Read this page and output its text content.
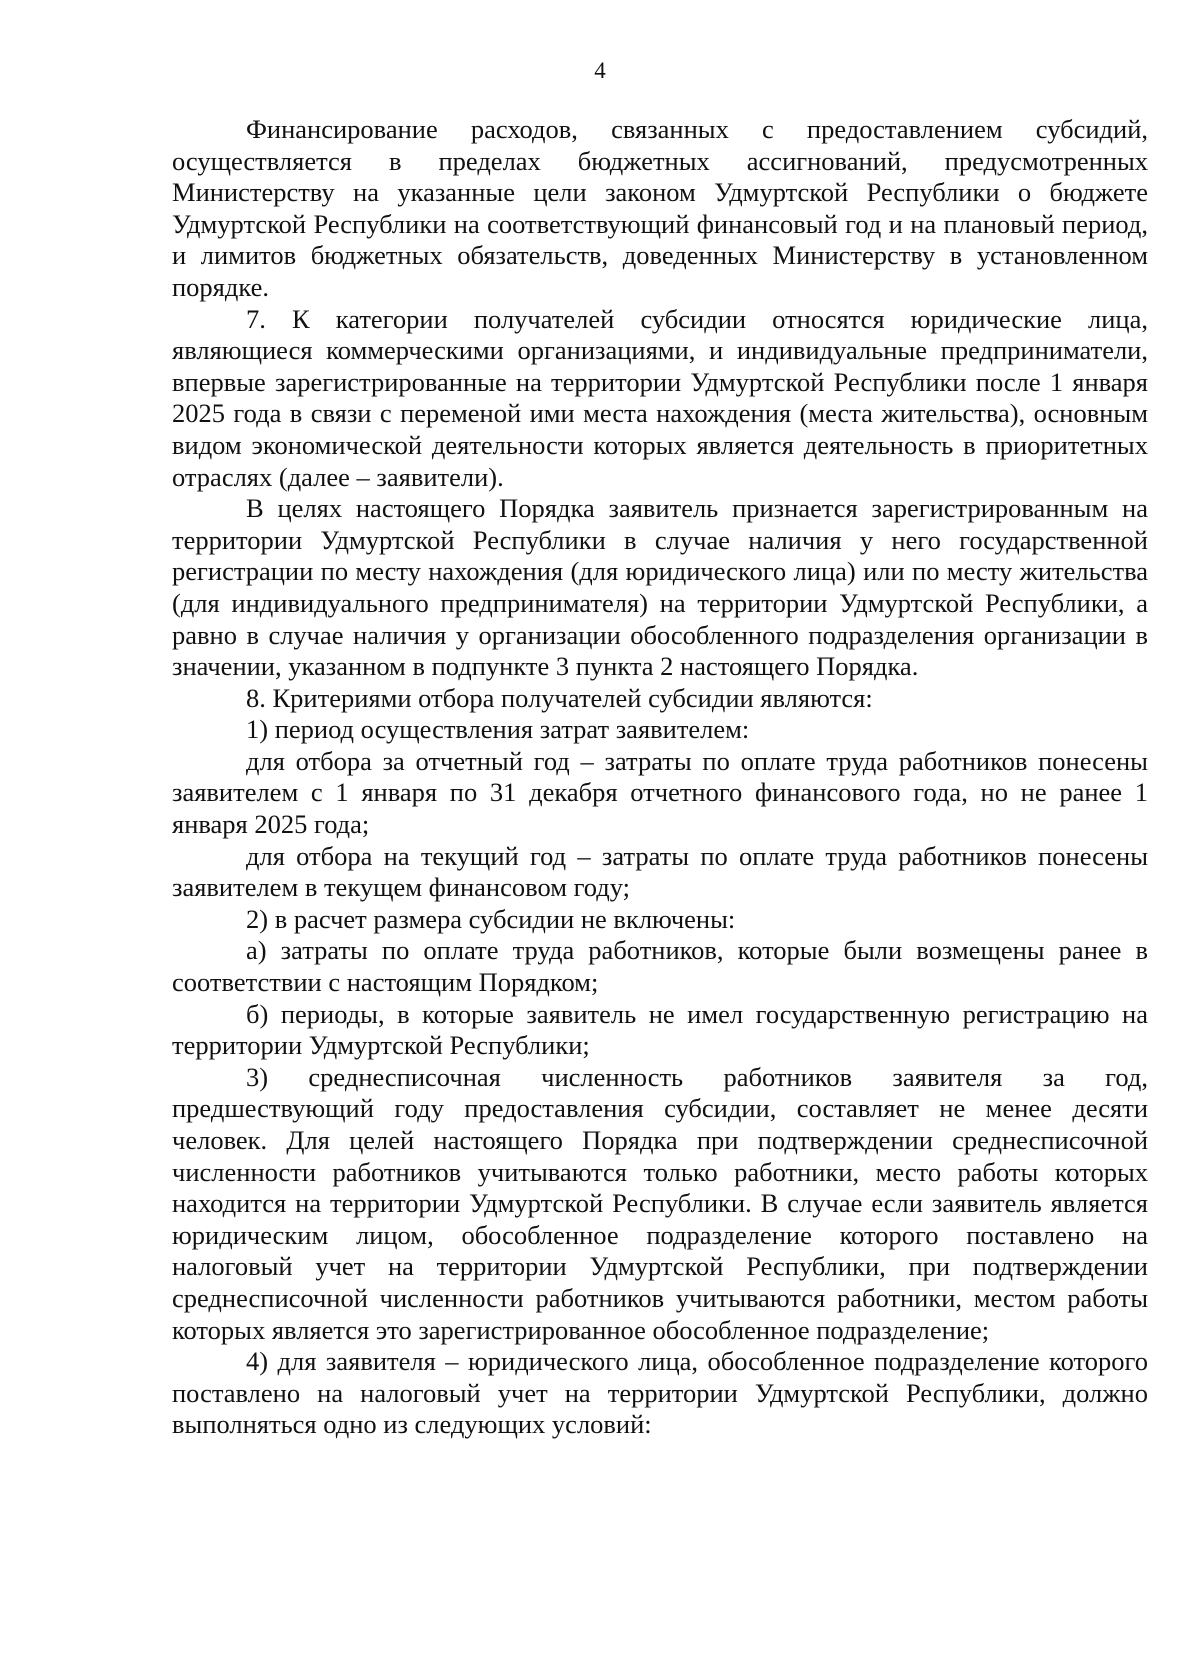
4

Финансирование расходов, связанных с предоставлением субсидий, осуществляется в пределах бюджетных ассигнований, предусмотренных Министерству на указанные цели законом Удмуртской Республики о бюджете Удмуртской Республики на соответствующий финансовый год и на плановый период, и лимитов бюджетных обязательств, доведенных Министерству в установленном порядке.

7. К категории получателей субсидии относятся юридические лица, являющиеся коммерческими организациями, и индивидуальные предприниматели, впервые зарегистрированные на территории Удмуртской Республики после 1 января 2025 года в связи с переменой ими места нахождения (места жительства), основным видом экономической деятельности которых является деятельность в приоритетных отраслях (далее – заявители).

В целях настоящего Порядка заявитель признается зарегистрированным на территории Удмуртской Республики в случае наличия у него государственной регистрации по месту нахождения (для юридического лица) или по месту жительства (для индивидуального предпринимателя) на территории Удмуртской Республики, а равно в случае наличия у организации обособленного подразделения организации в значении, указанном в подпункте 3 пункта 2 настоящего Порядка.

8. Критериями отбора получателей субсидии являются:

1) период осуществления затрат заявителем:

для отбора за отчетный год – затраты по оплате труда работников понесены заявителем с 1 января по 31 декабря отчетного финансового года, но не ранее 1 января 2025 года;

для отбора на текущий год – затраты по оплате труда работников понесены заявителем в текущем финансовом году;

2) в расчет размера субсидии не включены:

а) затраты по оплате труда работников, которые были возмещены ранее в соответствии с настоящим Порядком;

б) периоды, в которые заявитель не имел государственную регистрацию на территории Удмуртской Республики;

3) среднесписочная численность работников заявителя за год, предшествующий году предоставления субсидии, составляет не менее десяти человек. Для целей настоящего Порядка при подтверждении среднесписочной численности работников учитываются только работники, место работы которых находится на территории Удмуртской Республики. В случае если заявитель является юридическим лицом, обособленное подразделение которого поставлено на налоговый учет на территории Удмуртской Республики, при подтверждении среднесписочной численности работников учитываются работники, местом работы которых является это зарегистрированное обособленное подразделение;

4) для заявителя – юридического лица, обособленное подразделение которого поставлено на налоговый учет на территории Удмуртской Республики, должно выполняться одно из следующих условий:
